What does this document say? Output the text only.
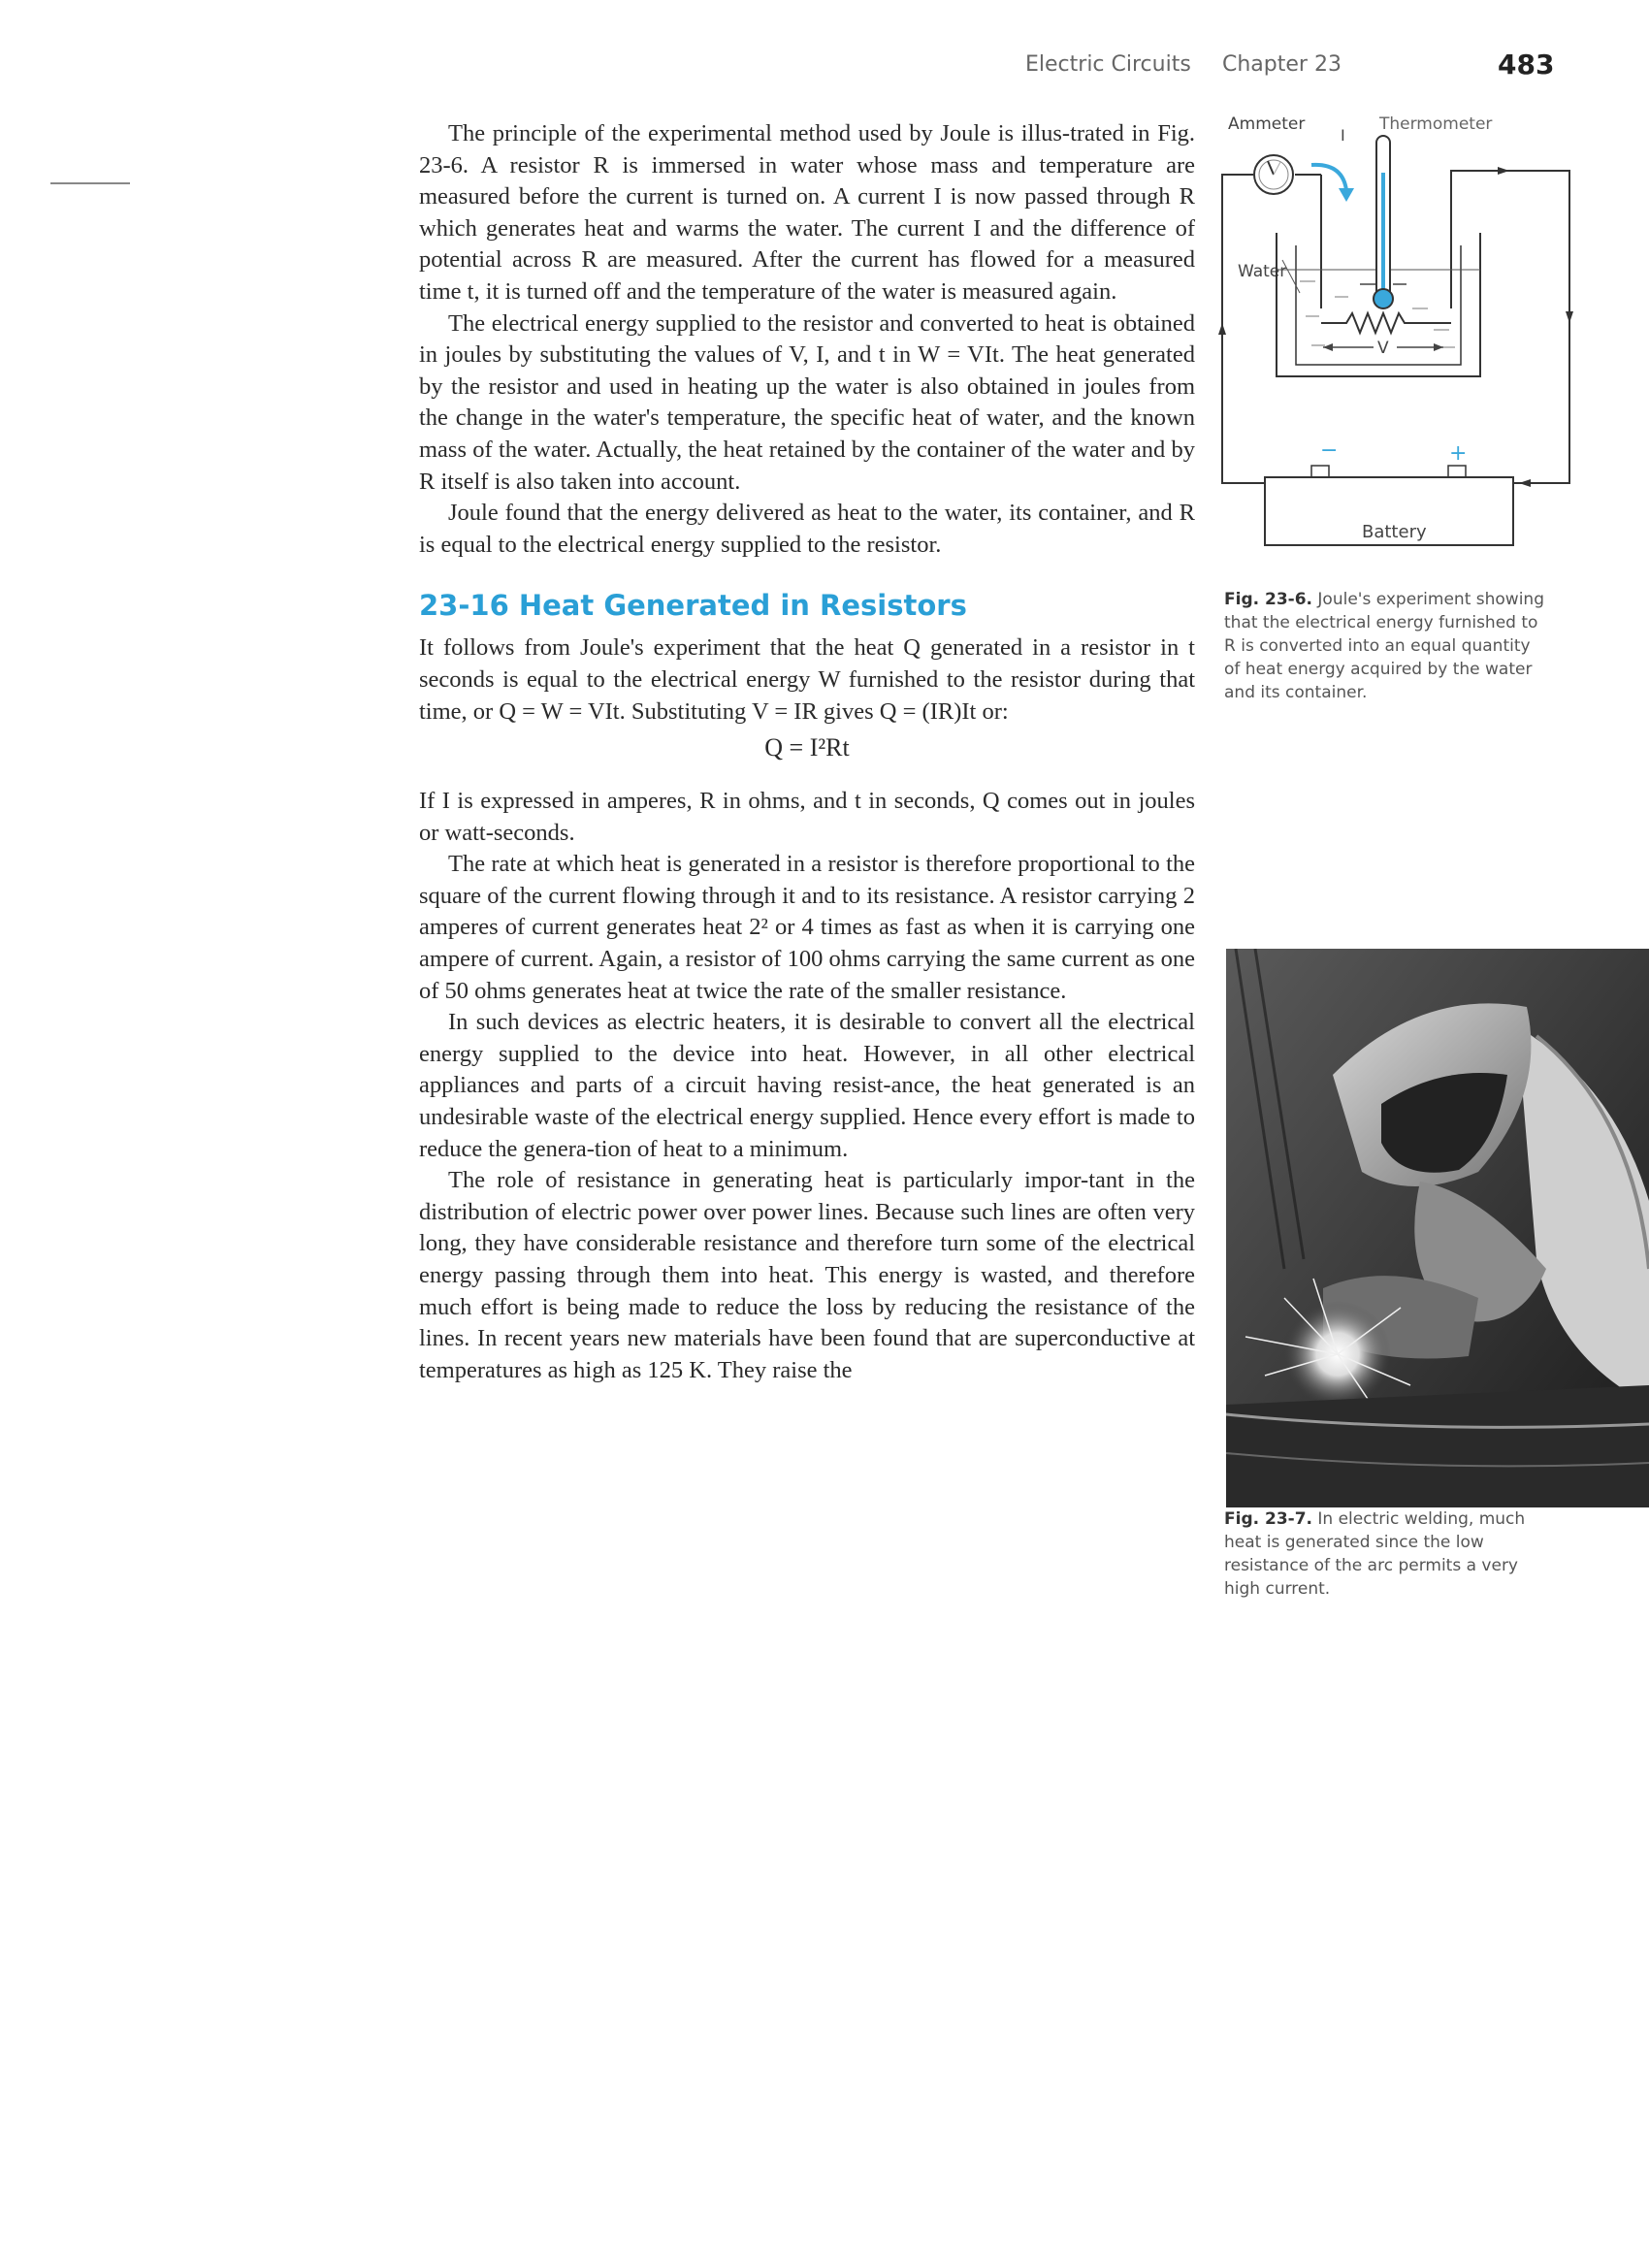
Electric Circuits Chapter 23	483

The principle of the experimental method used by Joule is illus-trated in Fig. 23-6. A resistor R is immersed in water whose mass and temperature are measured before the current is turned on. A current I is now passed through R which generates heat and warms the water. The current I and the difference of potential across R are measured. After the current has flowed for a measured time t, it is turned off and the temperature of the water is measured again.

The electrical energy supplied to the resistor and converted to heat is obtained in joules by substituting the values of V, I, and t in W = VIt. The heat generated by the resistor and used in heating up the water is also obtained in joules from the change in the water's temperature, the specific heat of water, and the known mass of the water. Actually, the heat retained by the container of the water and by R itself is also taken into account.

Joule found that the energy delivered as heat to the water, its container, and R is equal to the electrical energy supplied to the resistor.

23-16 Heat Generated in Resistors

It follows from Joule's experiment that the heat Q generated in a resistor in t seconds is equal to the electrical energy W furnished to the resistor during that time, or Q = W = VIt. Substituting V = IR gives Q = (IR)It or:

Q = I²Rt

If I is expressed in amperes, R in ohms, and t in seconds, Q comes out in joules or watt-seconds.

The rate at which heat is generated in a resistor is therefore proportional to the square of the current flowing through it and to its resistance. A resistor carrying 2 amperes of current generates heat 2² or 4 times as fast as when it is carrying one ampere of current. Again, a resistor of 100 ohms carrying the same current as one of 50 ohms generates heat at twice the rate of the smaller resistance.

In such devices as electric heaters, it is desirable to convert all the electrical energy supplied to the device into heat. However, in all other electrical appliances and parts of a circuit having resist-ance, the heat generated is an undesirable waste of the electrical energy supplied. Hence every effort is made to reduce the genera-tion of heat to a minimum.

The role of resistance in generating heat is particularly impor-tant in the distribution of electric power over power lines. Because such lines are often very long, they have considerable resistance and therefore turn some of the electrical energy passing through them into heat. This energy is wasted, and therefore much effort is being made to reduce the loss by reducing the resistance of the lines. In recent years new materials have been found that are superconductive at temperatures as high as 125 K. They raise the

Ammeter
I
Thermometer
Water
V
−	+
Battery
Fig. 23-6. Joule's experiment showing that the electrical energy furnished to R is converted into an equal quantity of heat energy acquired by the water and its container.
Fig. 23-7. In electric welding, much heat is generated since the low resistance of the arc permits a very high current.
